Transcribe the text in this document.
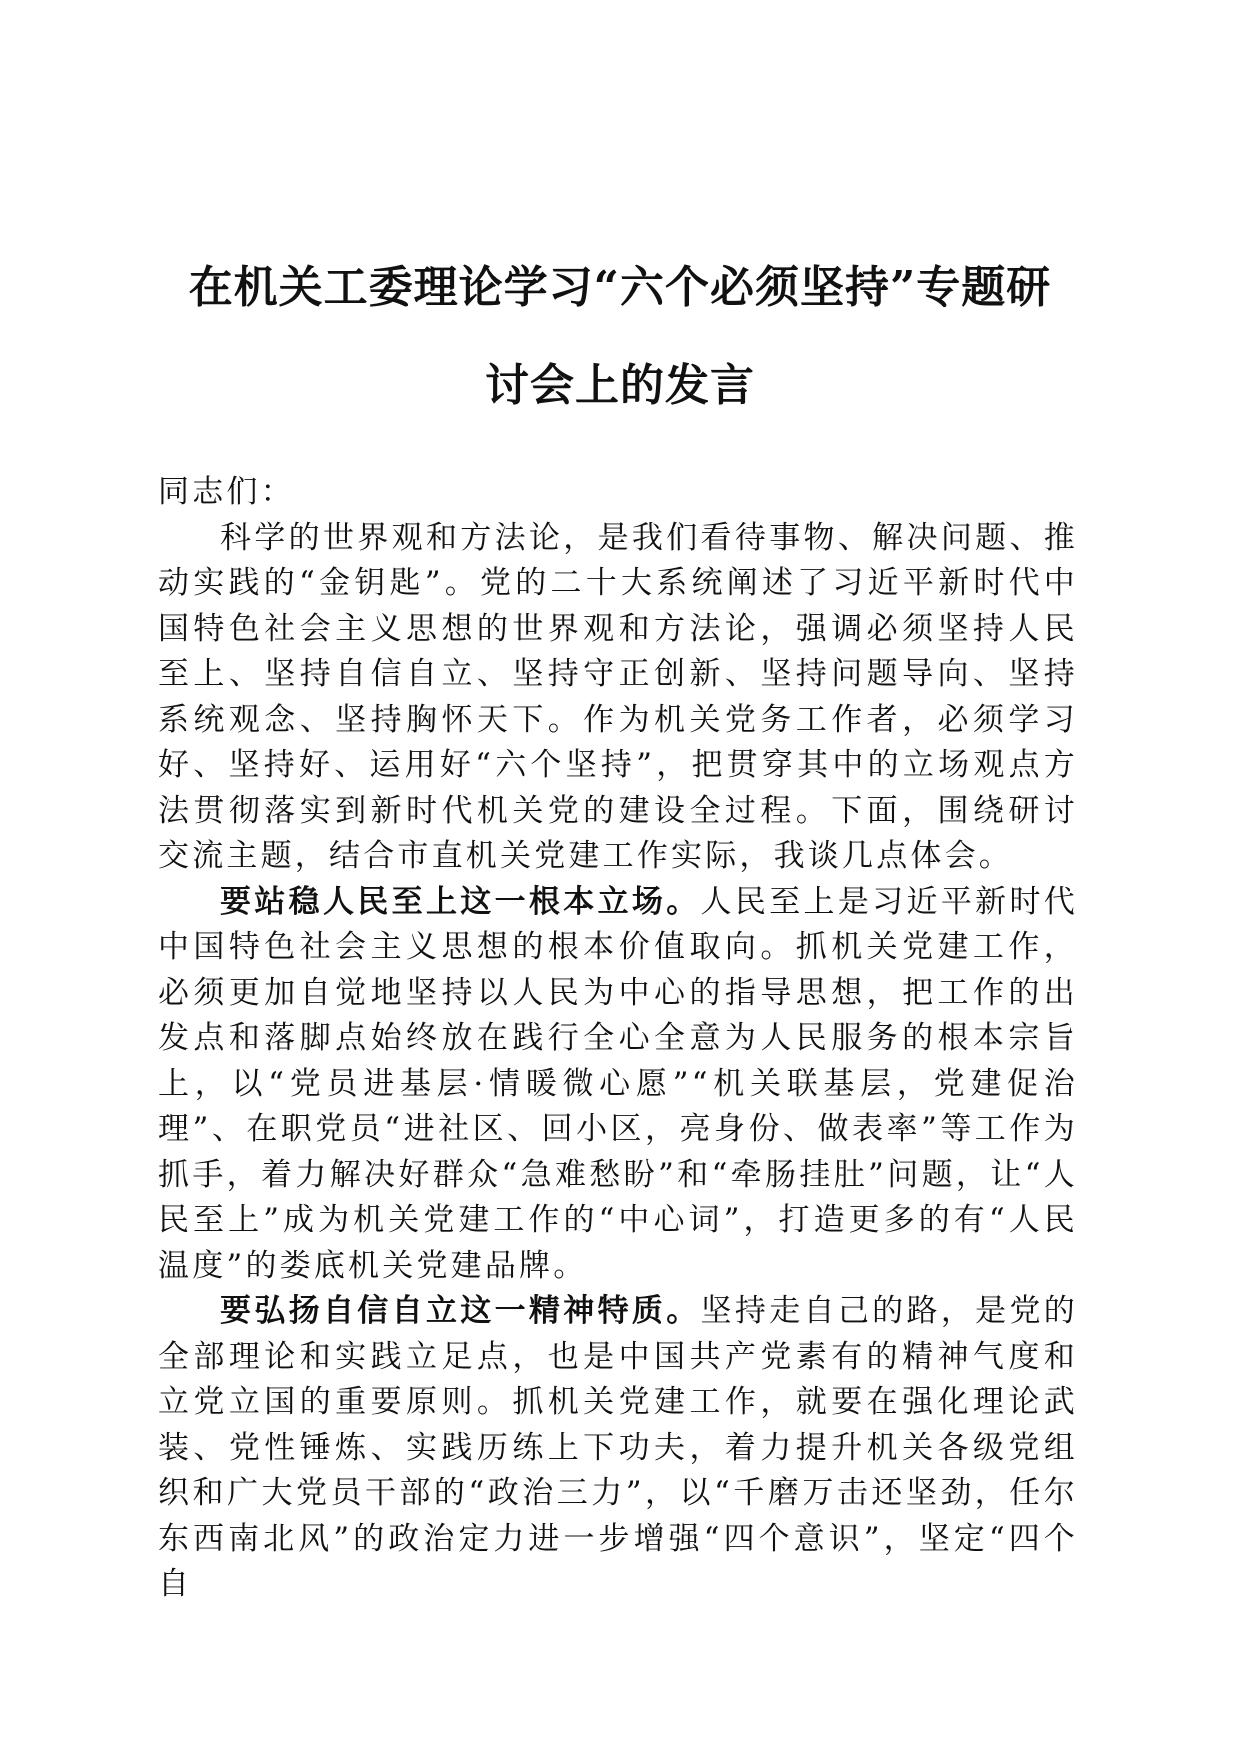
在机关工委理论学习“六个必须坚持”专题研
讨会上的发言

同志们：

科学的世界观和方法论，是我们看待事物、解决问题、推动实践的“金钥匙”。党的二十大系统阐述了习近平新时代中国特色社会主义思想的世界观和方法论，强调必须坚持人民至上、坚持自信自立、坚持守正创新、坚持问题导向、坚持系统观念、坚持胸怀天下。作为机关党务工作者，必须学习好、坚持好、运用好“六个坚持”，把贯穿其中的立场观点方法贯彻落实到新时代机关党的建设全过程。下面，围绕研讨交流主题，结合市直机关党建工作实际，我谈几点体会。

要站稳人民至上这一根本立场。人民至上是习近平新时代中国特色社会主义思想的根本价值取向。抓机关党建工作，必须更加自觉地坚持以人民为中心的指导思想，把工作的出发点和落脚点始终放在践行全心全意为人民服务的根本宗旨上，以“党员进基层·情暖微心愿”“机关联基层，党建促治理”、在职党员“进社区、回小区，亮身份、做表率”等工作为抓手，着力解决好群众“急难愁盼”和“牵肠挂肚”问题，让“人民至上”成为机关党建工作的“中心词”，打造更多的有“人民温度”的娄底机关党建品牌。

要弘扬自信自立这一精神特质。坚持走自己的路，是党的全部理论和实践立足点，也是中国共产党素有的精神气度和立党立国的重要原则。抓机关党建工作，就要在强化理论武装、党性锤炼、实践历练上下功夫，着力提升机关各级党组织和广大党员干部的“政治三力”，以“千磨万击还坚劲，任尔东西南北风”的政治定力进一步增强“四个意识”，坚定“四个自
